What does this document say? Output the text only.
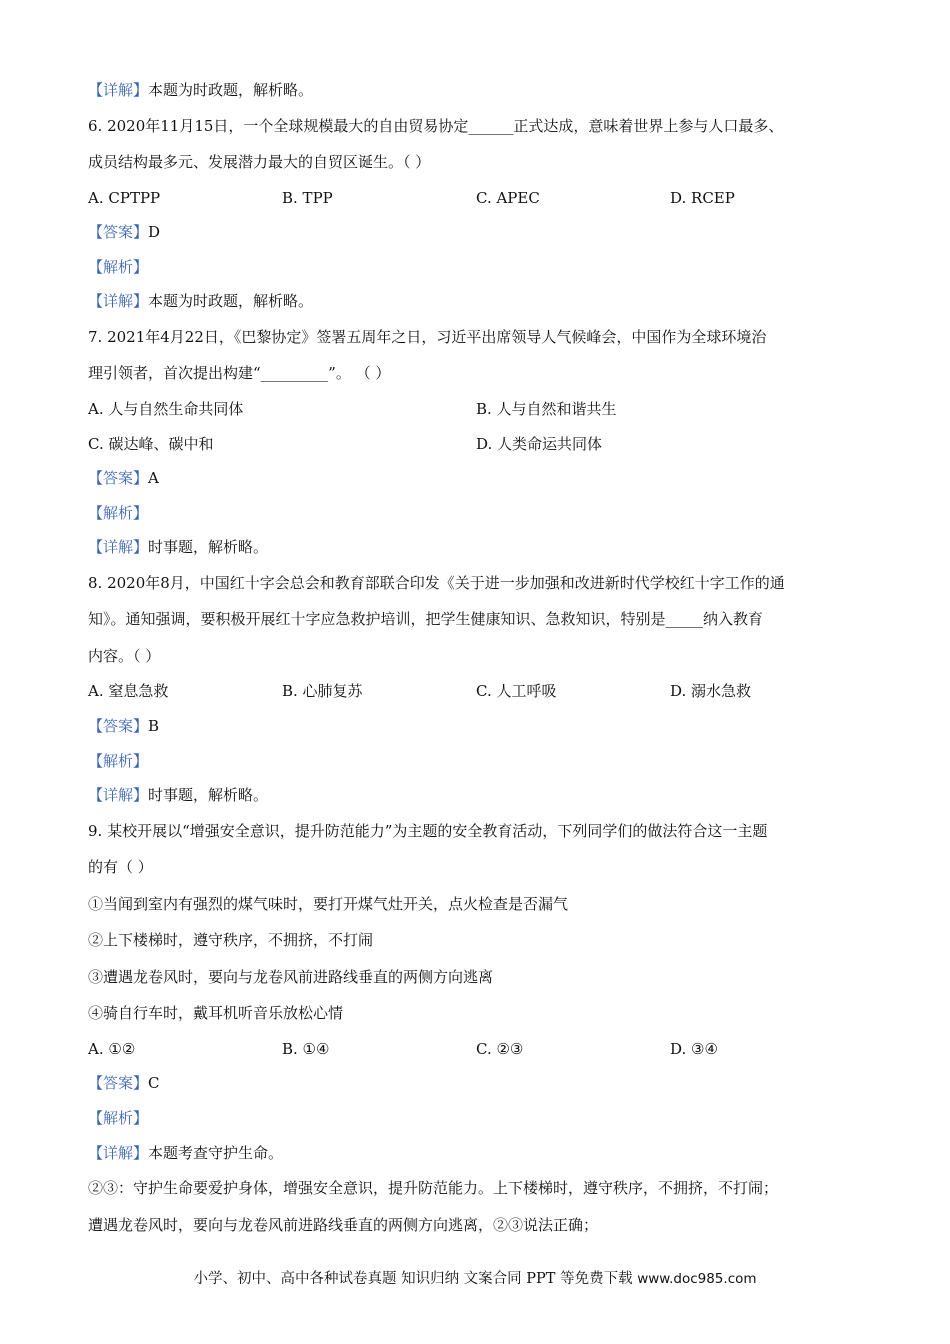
【详解】本题为时政题，解析略。
6. 2020年11月15日，一个全球规模最大的自由贸易协定______正式达成，意味着世界上参与人口最多、
成员结构最多元、发展潜力最大的自贸区诞生。（ ）
A. CPTPP	B. TPP	C. APEC	D. RCEP
【答案】D
【解析】
【详解】本题为时政题，解析略。
7. 2021年4月22日，《巴黎协定》签署五周年之日，习近平出席领导人气候峰会，中国作为全球环境治
理引领者，首次提出构建“_________”。 （ ）
A. 人与自然生命共同体	B. 人与自然和谐共生
C. 碳达峰、碳中和	D. 人类命运共同体
【答案】A
【解析】
【详解】时事题，解析略。
8. 2020年8月，中国红十字会总会和教育部联合印发《关于进一步加强和改进新时代学校红十字工作的通
知》。通知强调，要积极开展红十字应急救护培训，把学生健康知识、急救知识，特别是_____纳入教育
内容。（ ）
A. 窒息急救	B. 心肺复苏	C. 人工呼吸	D. 溺水急救
【答案】B
【解析】
【详解】时事题，解析略。
9. 某校开展以“增强安全意识，提升防范能力”为主题的安全教育活动，下列同学们的做法符合这一主题
的有（ ）
①当闻到室内有强烈的煤气味时，要打开煤气灶开关，点火检查是否漏气
②上下楼梯时，遵守秩序，不拥挤，不打闹
③遭遇龙卷风时，要向与龙卷风前进路线垂直的两侧方向逃离
④骑自行车时，戴耳机听音乐放松心情
A. ①②	B. ①④	C. ②③	D. ③④
【答案】C
【解析】
【详解】本题考查守护生命。
②③：守护生命要爱护身体，增强安全意识，提升防范能力。上下楼梯时，遵守秩序，不拥挤，不打闹；
遭遇龙卷风时，要向与龙卷风前进路线垂直的两侧方向逃离，②③说法正确；
小学、初中、高中各种试卷真题 知识归纳 文案合同 PPT 等免费下载 www.doc985.com
